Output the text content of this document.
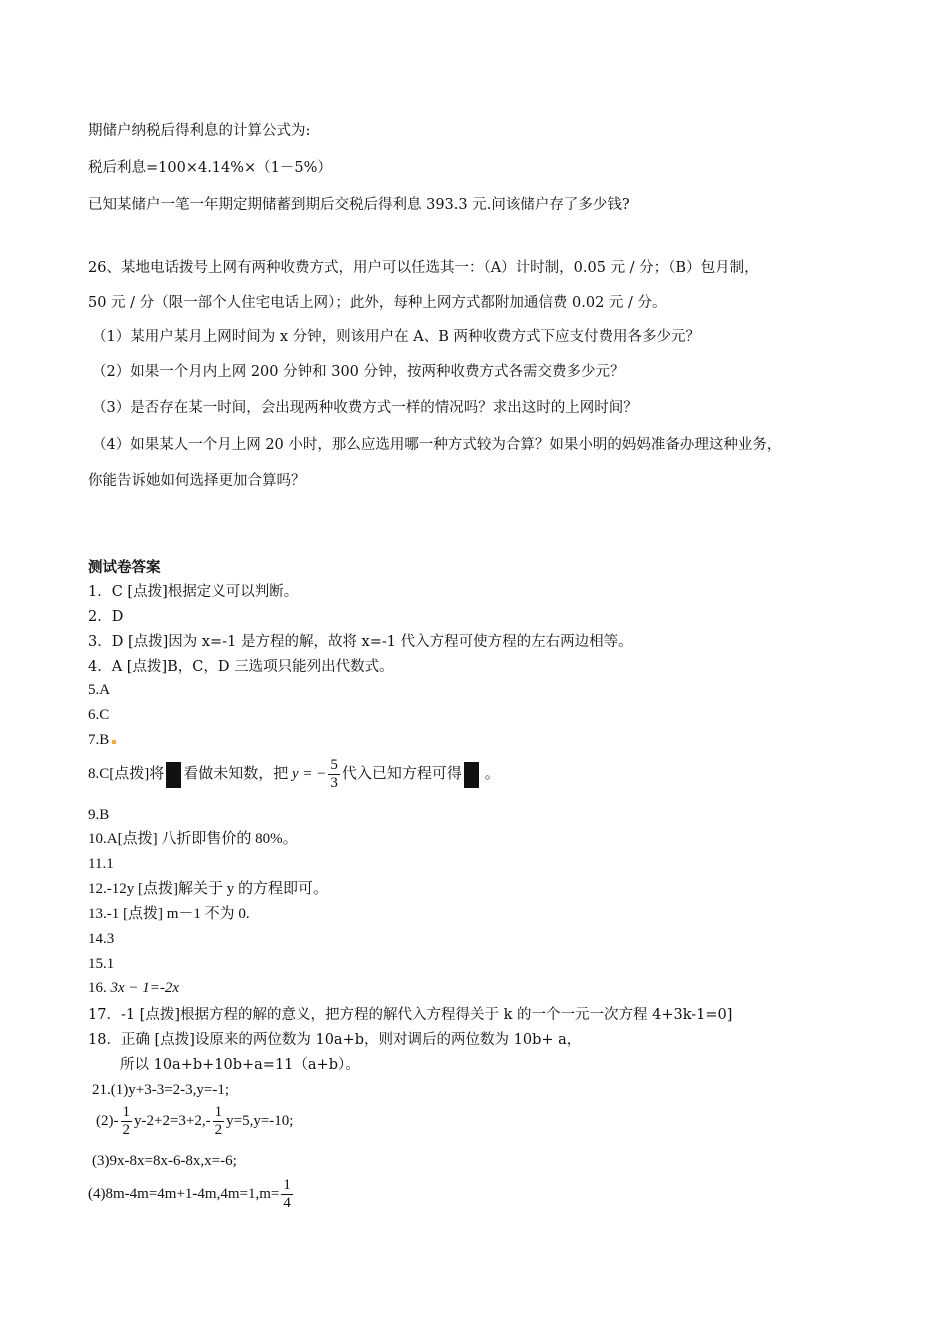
期储户纳税后得利息的计算公式为:
税后利息=100×4.14%×（1－5%）
已知某储户一笔一年期定期储蓄到期后交税后得利息 393.3 元.问该储户存了多少钱?
26、某地电话拨号上网有两种收费方式，用户可以任选其一：（A）计时制，0.05 元 / 分；（B）包月制，
50 元 / 分（限一部个人住宅电话上网）；此外，每种上网方式都附加通信费 0.02 元 / 分。
（1）某用户某月上网时间为 x 分钟，则该用户在 A、B 两种收费方式下应支付费用各多少元？
（2）如果一个月内上网 200 分钟和 300 分钟，按两种收费方式各需交费多少元？
（3）是否存在某一时间，会出现两种收费方式一样的情况吗？求出这时的上网时间？
（4）如果某人一个月上网 20 小时，那么应选用哪一种方式较为合算？如果小明的妈妈准备办理这种业务，
你能告诉她如何选择更加合算吗？
测试卷答案
1．C [点拨]根据定义可以判断。
2．D
3．D [点拨]因为 x=-1 是方程的解，故将 x=-1 代入方程可使方程的左右两边相等。
4．A [点拨]B，C，D 三选项只能列出代数式。
5.A
6.C
7.B
8.C[点拨]将 看做未知数，把 y = − $\frac{5}{3}$ 代入已知方程可得 。
9.B
10.A[点拨] 八折即售价的 80%。
11.1
12.-12y [点拨]解关于 y 的方程即可。
13.-1 [点拨] m－1 不为 0.
14.3
15.1
16. 3x − 1=-2x
17．-1 [点拨]根据方程的解的意义，把方程的解代入方程得关于 k 的一个一元一次方程 4+3k-1=0]
18．正确 [点拨]设原来的两位数为 10a+b，则对调后的两位数为 10b+ a，
所以 10a+b+10b+a=11（a+b）。
21.(1)y+3-3=2-3,y=-1;
$(2)- \frac{1}{2} y-2+2=3+2,- \frac{1}{2} y=5,y=-10$;
(3)9x-8x=8x-6-8x,x=-6;
$(4)8m-4m=4m+1-4m,4m=1,m= \frac{1}{4}$
